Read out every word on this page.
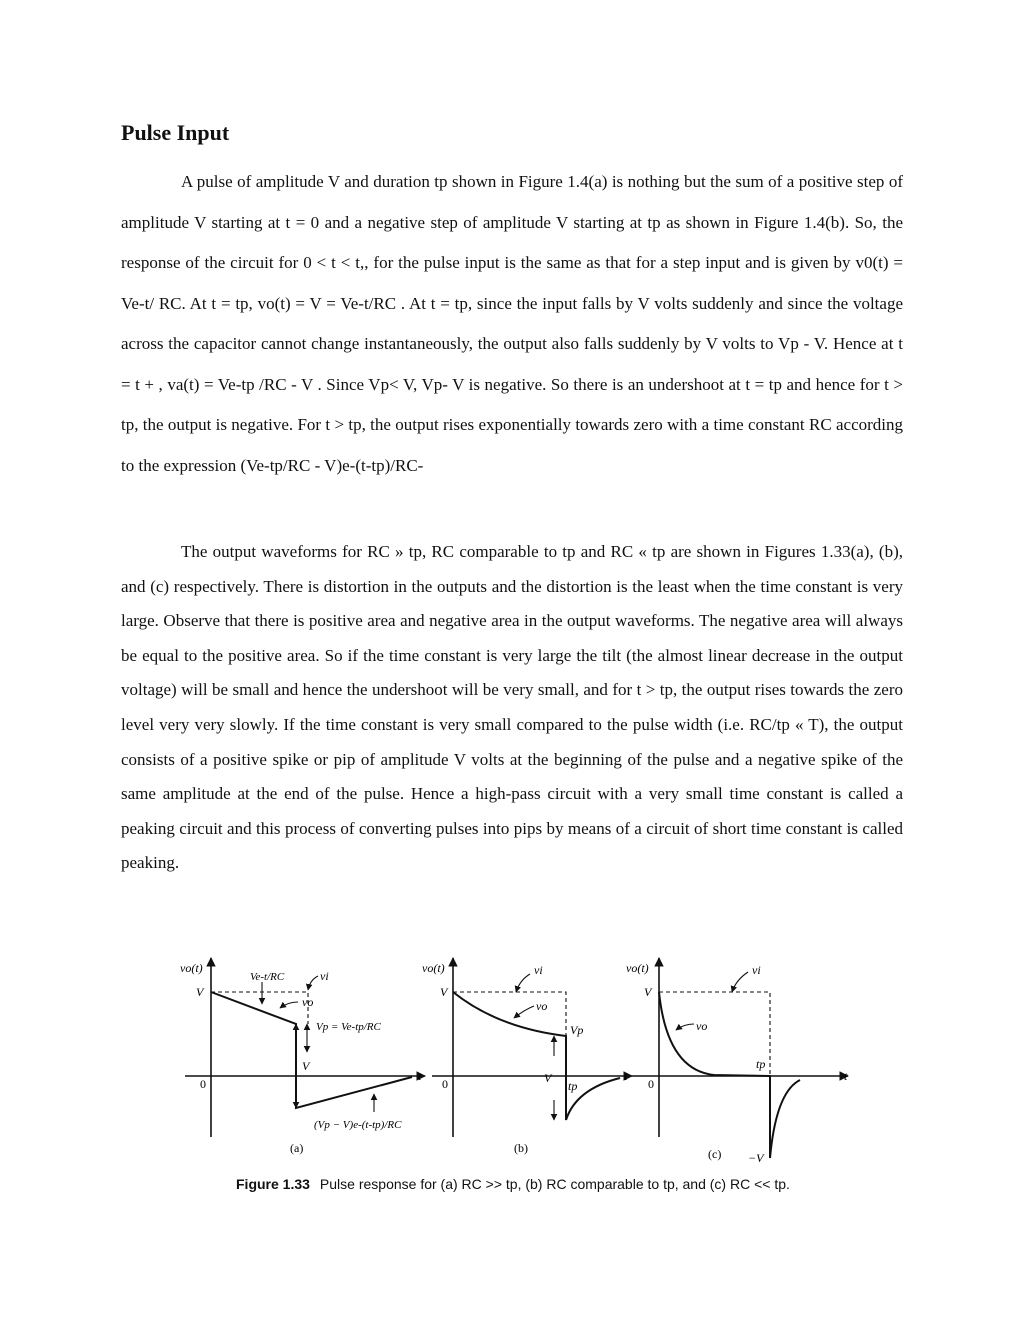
Pulse Input

A pulse of amplitude V and duration tp shown in Figure 1.4(a) is nothing but the sum of a positive step of amplitude V starting at t = 0 and a negative step of amplitude V starting at tp as shown in Figure 1.4(b). So, the response of the circuit for 0 < t < t,, for the pulse input is the same as that for a step input and is given by v0(t) = Ve-t/ RC. At t = tp, vo(t) = V = Ve-t/RC . At t = tp, since the input falls by V volts suddenly and since the voltage across the capacitor cannot change instantaneously, the output also falls suddenly by V volts to Vp - V. Hence at t = t + , va(t) = Ve-tp /RC - V . Since Vp< V, Vp- V is negative. So there is an undershoot at t = tp and hence for t > tp, the output is negative. For t > tp, the output rises exponentially towards zero with a time constant RC according to the expression (Ve-tp/RC - V)e-(t-tp)/RC-

The output waveforms for RC » tp, RC comparable to tp and RC « tp are shown in Figures 1.33(a), (b), and (c) respectively. There is distortion in the outputs and the distortion is the least when the time constant is very large. Observe that there is positive area and negative area in the output waveforms. The negative area will always be equal to the positive area. So if the time constant is very large the tilt (the almost linear decrease in the output voltage) will be small and hence the undershoot will be very small, and for t > tp, the output rises towards the zero level very very slowly. If the time constant is very small compared to the pulse width (i.e. RC/tp « T), the output consists of a positive spike or pip of amplitude V volts at the beginning of the pulse and a negative spike of the same amplitude at the end of the pulse. Hence a high-pass circuit with a very small time constant is called a peaking circuit and this process of converting pulses into pips by means of a circuit of short time constant is called peaking.

vo(t)
V
0
t
Ve-t/RC	vi
vo
Vp = Ve-tp/RC
V
(Vp − V)e-(t-tp)/RC
(a)
vo(t)
V
0
t
vi
vo
Vp
V
tp
(b)
vo(t)
V
0
t
vi
vo
tp
−V
(c)
Figure 1.33 Pulse response for (a) RC >> tp, (b) RC comparable to tp, and (c) RC << tp.
